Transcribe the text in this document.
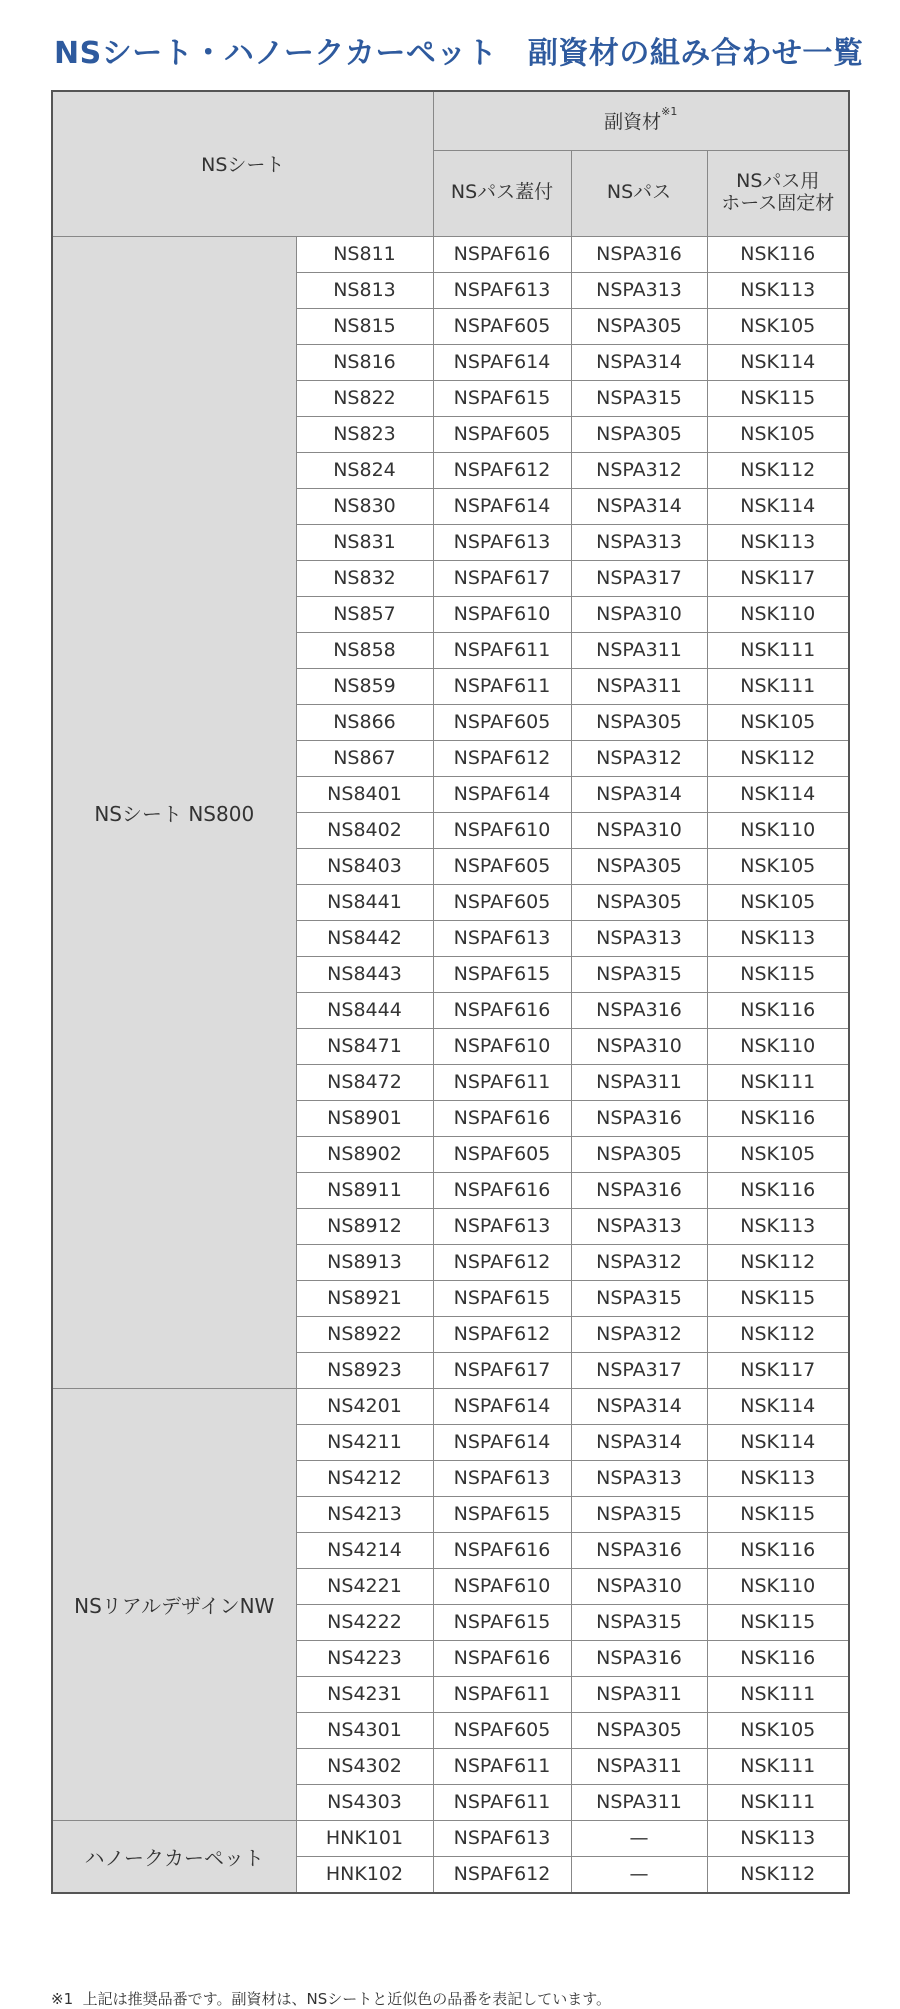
NSシート・ハノークカーペット　副資材の組み合わせ一覧
NSシート		副資材$^{※1}$
		NSパス蓋付	NSパス	NSパス用
ホース固定材
NSシート NS800	NS811	NSPAF616	NSPA316	NSK116
	NS813	NSPAF613	NSPA313	NSK113
	NS815	NSPAF605	NSPA305	NSK105
	NS816	NSPAF614	NSPA314	NSK114
	NS822	NSPAF615	NSPA315	NSK115
	NS823	NSPAF605	NSPA305	NSK105
	NS824	NSPAF612	NSPA312	NSK112
	NS830	NSPAF614	NSPA314	NSK114
	NS831	NSPAF613	NSPA313	NSK113
	NS832	NSPAF617	NSPA317	NSK117
	NS857	NSPAF610	NSPA310	NSK110
	NS858	NSPAF611	NSPA311	NSK111
	NS859	NSPAF611	NSPA311	NSK111
	NS866	NSPAF605	NSPA305	NSK105
	NS867	NSPAF612	NSPA312	NSK112
	NS8401	NSPAF614	NSPA314	NSK114
	NS8402	NSPAF610	NSPA310	NSK110
	NS8403	NSPAF605	NSPA305	NSK105
	NS8441	NSPAF605	NSPA305	NSK105
	NS8442	NSPAF613	NSPA313	NSK113
	NS8443	NSPAF615	NSPA315	NSK115
	NS8444	NSPAF616	NSPA316	NSK116
	NS8471	NSPAF610	NSPA310	NSK110
	NS8472	NSPAF611	NSPA311	NSK111
	NS8901	NSPAF616	NSPA316	NSK116
	NS8902	NSPAF605	NSPA305	NSK105
	NS8911	NSPAF616	NSPA316	NSK116
	NS8912	NSPAF613	NSPA313	NSK113
	NS8913	NSPAF612	NSPA312	NSK112
	NS8921	NSPAF615	NSPA315	NSK115
	NS8922	NSPAF612	NSPA312	NSK112
	NS8923	NSPAF617	NSPA317	NSK117
NSリアルデザインNW	NS4201	NSPAF614	NSPA314	NSK114
	NS4211	NSPAF614	NSPA314	NSK114
	NS4212	NSPAF613	NSPA313	NSK113
	NS4213	NSPAF615	NSPA315	NSK115
	NS4214	NSPAF616	NSPA316	NSK116
	NS4221	NSPAF610	NSPA310	NSK110
	NS4222	NSPAF615	NSPA315	NSK115
	NS4223	NSPAF616	NSPA316	NSK116
	NS4231	NSPAF611	NSPA311	NSK111
	NS4301	NSPAF605	NSPA305	NSK105
	NS4302	NSPAF611	NSPA311	NSK111
	NS4303	NSPAF611	NSPA311	NSK111
ハノークカーペット	HNK101	NSPAF613	—	NSK113
	HNK102	NSPAF612	—	NSK112
※1 上記は推奨品番です。副資材は、NSシートと近似色の品番を表記しています。
